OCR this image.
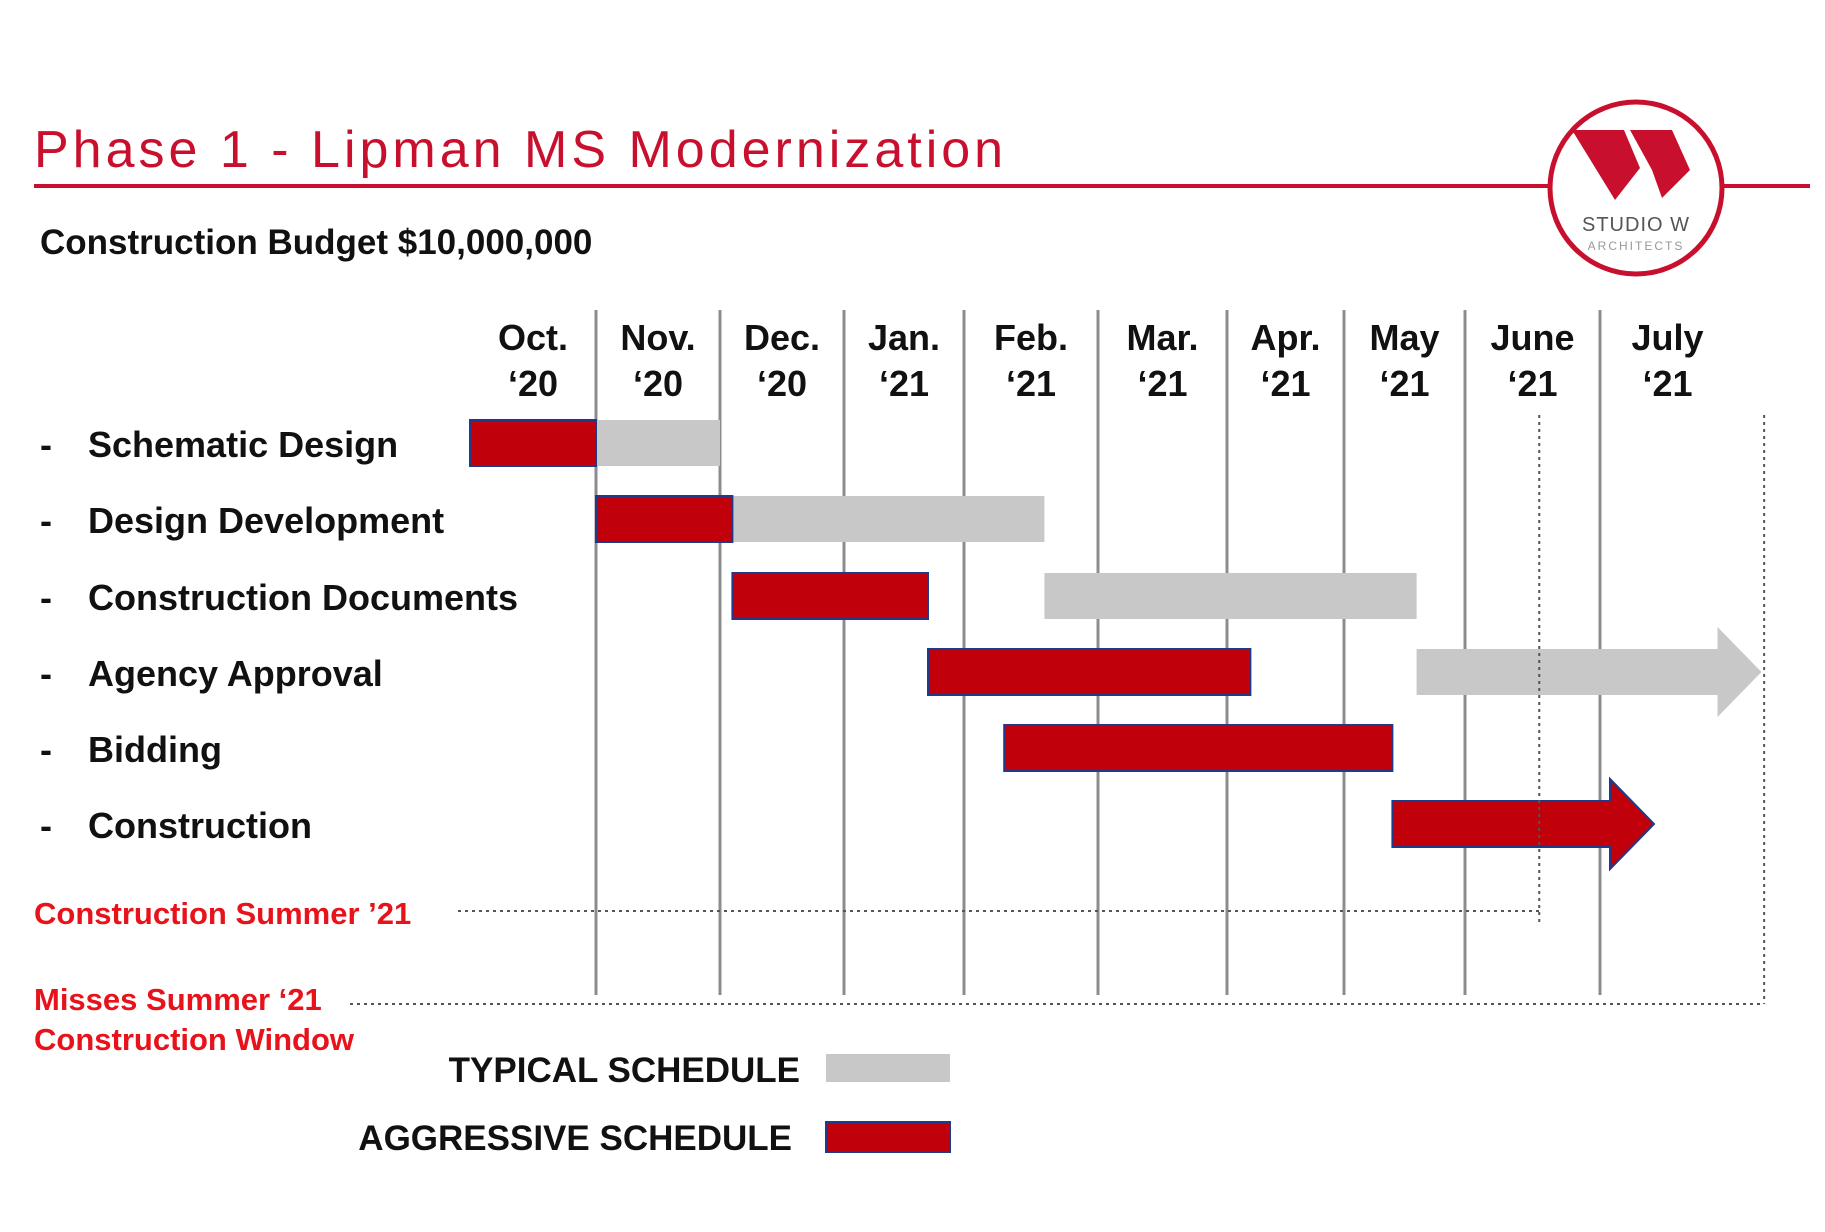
Phase 1 - Lipman MS Modernization
Construction Budget $10,000,000	STUDIO W
ARCHITECTS
Oct.
‘20
Nov.
‘20
Dec.
‘20
Jan.
‘21
Feb.
‘21
Mar.
‘21
Apr.
‘21
May
‘21
June
‘21
July
‘21
- Schematic Design
- Design Development
- Construction Documents
- Agency Approval
- Bidding
- Construction
Construction Summer ’21
Misses Summer ‘21
Construction Window
TYPICAL SCHEDULE
AGGRESSIVE SCHEDULE
